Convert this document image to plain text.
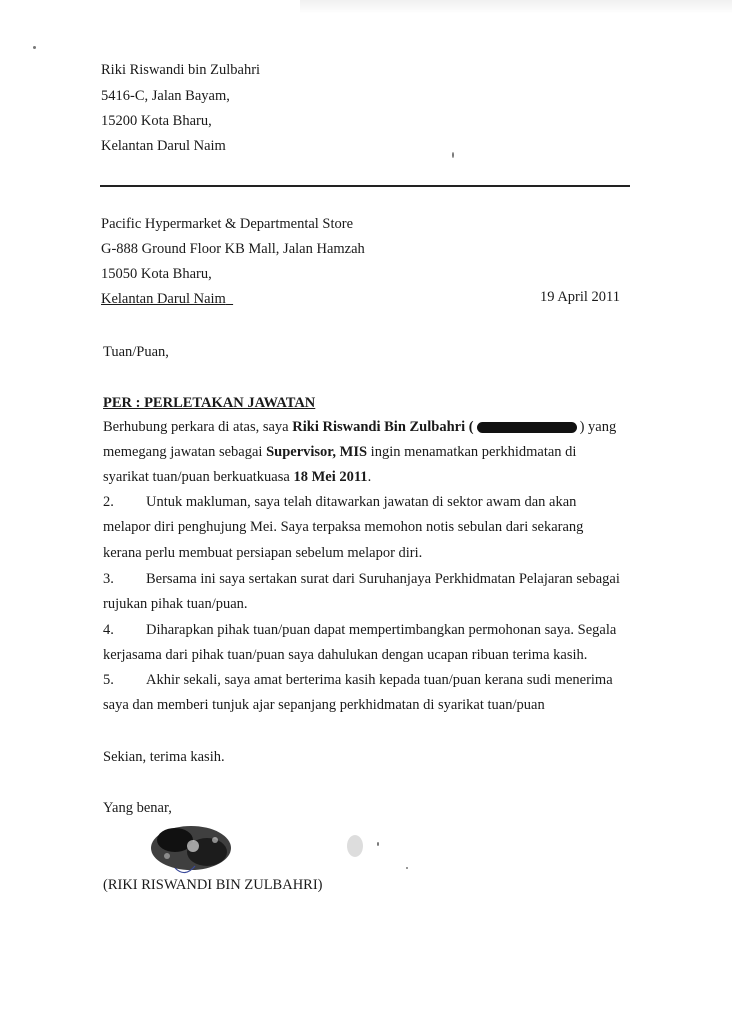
Riki Riswandi bin Zulbahri
5416-C, Jalan Bayam,
15200 Kota Bharu,
Kelantan Darul Naim
Pacific Hypermarket & Departmental Store
G-888 Ground Floor KB Mall, Jalan Hamzah
15050 Kota Bharu,
Kelantan Darul Naim	19 April 2011
Tuan/Puan,
PER : PERLETAKAN JAWATAN
Berhubung perkara di atas, saya Riki Riswandi Bin Zulbahri (	) yang
memegang jawatan sebagai Supervisor, MIS ingin menamatkan perkhidmatan di
syarikat tuan/puan berkuatkuasa 18 Mei 2011.
2. Untuk makluman, saya telah ditawarkan jawatan di sektor awam dan akan
melapor diri penghujung Mei. Saya terpaksa memohon notis sebulan dari sekarang
kerana perlu membuat persiapan sebelum melapor diri.
3. Bersama ini saya sertakan surat dari Suruhanjaya Perkhidmatan Pelajaran sebagai
rujukan pihak tuan/puan.
4. Diharapkan pihak tuan/puan dapat mempertimbangkan permohonan saya. Segala
kerjasama dari pihak tuan/puan saya dahulukan dengan ucapan ribuan terima kasih.
5. Akhir sekali, saya amat berterima kasih kepada tuan/puan kerana sudi menerima
saya dan memberi tunjuk ajar sepanjang perkhidmatan di syarikat tuan/puan
Sekian, terima kasih.
Yang benar,
(RIKI RISWANDI BIN ZULBAHRI)
